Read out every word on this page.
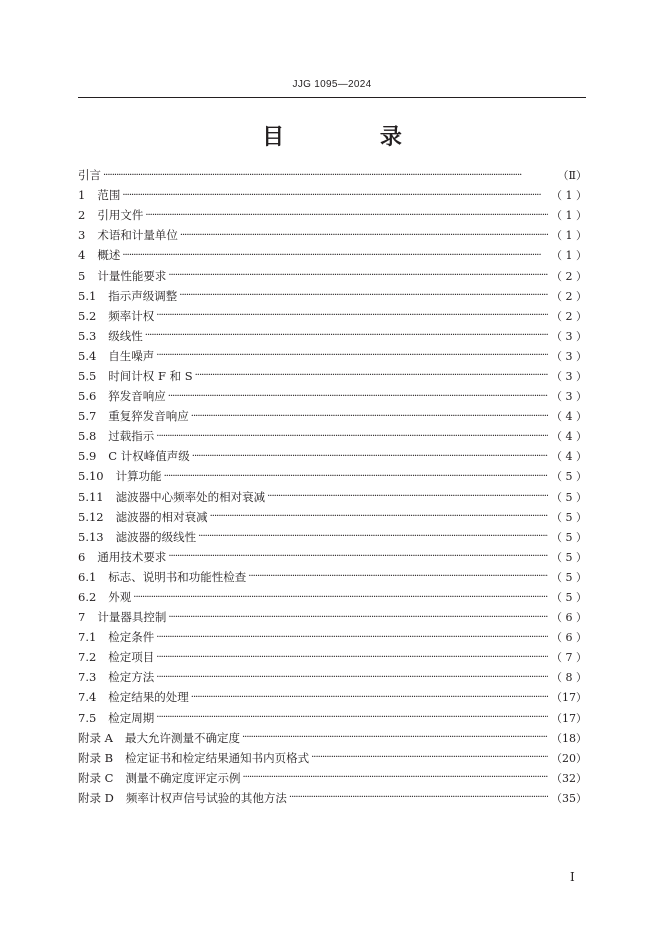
JJG 1095—2024
目 录
引言 ·····	（Ⅱ）
1 范围 ·····	（ 1 ）
2 引用文件 ·····	（ 1 ）
3 术语和计量单位 ·····	（ 1 ）
4 概述 ·····	（ 1 ）
5 计量性能要求 ·····	（ 2 ）
5.1 指示声级调整 ·····	（ 2 ）
5.2 频率计权 ·····	（ 2 ）
5.3 级线性 ·····	（ 3 ）
5.4 自生噪声 ·····	（ 3 ）
5.5 时间计权 F 和 S ·····	（ 3 ）
5.6 猝发音响应 ·····	（ 3 ）
5.7 重复猝发音响应 ·····	（ 4 ）
5.8 过载指示 ·····	（ 4 ）
5.9 C 计权峰值声级 ·····	（ 4 ）
5.10 计算功能 ·····	（ 5 ）
5.11 滤波器中心频率处的相对衰减 ·····	（ 5 ）
5.12 滤波器的相对衰减 ·····	（ 5 ）
5.13 滤波器的级线性 ·····	（ 5 ）
6 通用技术要求 ·····	（ 5 ）
6.1 标志、说明书和功能性检查 ·····	（ 5 ）
6.2 外观 ·····	（ 5 ）
7 计量器具控制 ·····	（ 6 ）
7.1 检定条件 ·····	（ 6 ）
7.2 检定项目 ·····	（ 7 ）
7.3 检定方法 ·····	（ 8 ）
7.4 检定结果的处理 ·····	（17）
7.5 检定周期 ·····	（17）
附录 A 最大允许测量不确定度 ·····	（18）
附录 B 检定证书和检定结果通知书内页格式 ·····	（20）
附录 C 测量不确定度评定示例 ·····	（32）
附录 D 频率计权声信号试验的其他方法 ·····	（35）
I
